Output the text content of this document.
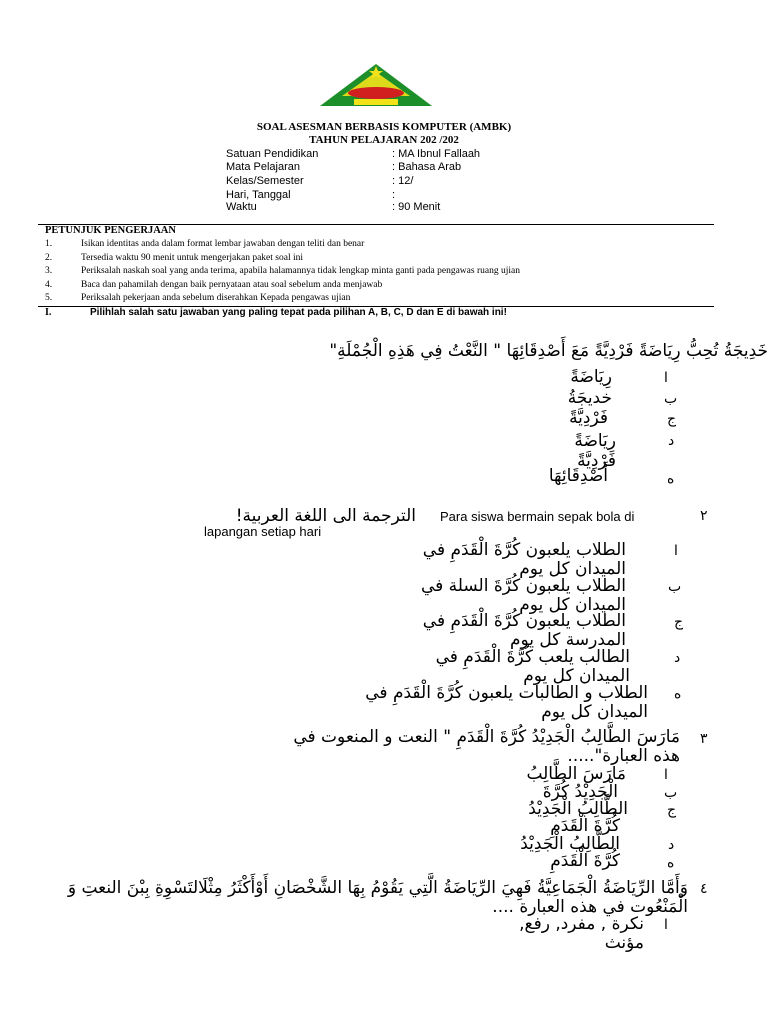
SOAL ASESMAN BERBASIS KOMPUTER (AMBK)
TAHUN PELAJARAN 202 /202
Satuan Pendidikan	: MA Ibnul Fallaah
Mata Pelajaran	: Bahasa Arab
Kelas/Semester	: 12/
Hari, Tanggal	:
Waktu	: 90 Menit
PETUNJUK PENGERJAAN
1.	Isikan identitas anda dalam format lembar jawaban dengan teliti dan benar
2.	Tersedia waktu 90 menit untuk mengerjakan paket soal ini
3.	Periksalah naskah soal yang anda terima, apabila halamannya tidak lengkap minta ganti pada pengawas ruang ujian
4.	Baca dan pahamilah dengan baik pernyataan atau soal sebelum anda menjawab
5.	Periksalah pekerjaan anda sebelum diserahkan Kepada pengawas ujian
I.	Pilihlah salah satu jawaban yang paling tepat pada pilihan A, B, C, D dan E di bawah ini!
خَدِيجَةُ تُحِبُّ رِيَاضَةً فَرْدِيَّةً مَعَ أَصْدِقَائِهَا " النَّعْتُ فِي هَذِهِ الْجُمْلَةِ"
ا
رِيَاضَةً
ب
خديجَةُ
ج
فَرْدِيَّةً
د
رِيَاضَةً فَرْدِيَّةً
ه
أَصْدِقَائِهَا
٢
الترجمة الى اللغة العربية!	Para siswa bermain sepak bola di lapangan setiap hari
ا
الطلاب يلعبون كُرَّةَ الْقَدَمِ في الميدان كل يوم
ب
الطلاب يلعبون كُرَّةَ السلة في الميدان كل يوم
ج
الطلاب يلعبون كُرَّةَ الْقَدَمِ في المدرسة كل يوم
د
الطالب يلعب كُرَّةَ الْقَدَمِ في الميدان كل يوم
ه
الطلاب و الطالبات يلعبون كُرَّةَ الْقَدَمِ في الميدان كل يوم
٣
مَارَسَ الطَّالِبُ الْجَدِيْدُ كُرَّةَ الْقَدَمِ " النعت و المنعوت في هذه العبارة".....
ا
مَارَسَ الطَّالِبُ
ب
الْجَدِيْدُ كُرَّةَ
ج
الطَّالِبُ الْجَدِيْدُ
كُرَّةَ الْقَدَمِ
د
الطَّالِبُ الْجَدِيْدُ
ه
كُرَّةَ الْقَدَمِ
٤
وَأَمَّا الرِّيَاضَةُ الْجَمَاعِيَّةُ فَهِيَ الرِّيَاضَةُ الَّتِي يَقُوْمُ بِهَا الشَّخْصَانِ أَوْأَكْثَرُ مِثْلَالتَسْوِةِ بِبْنَ النعتِ وَ الْمَنْعُوت في هذه العبارة ....
ا
نكرة , مفرد, رفع, مؤنث
